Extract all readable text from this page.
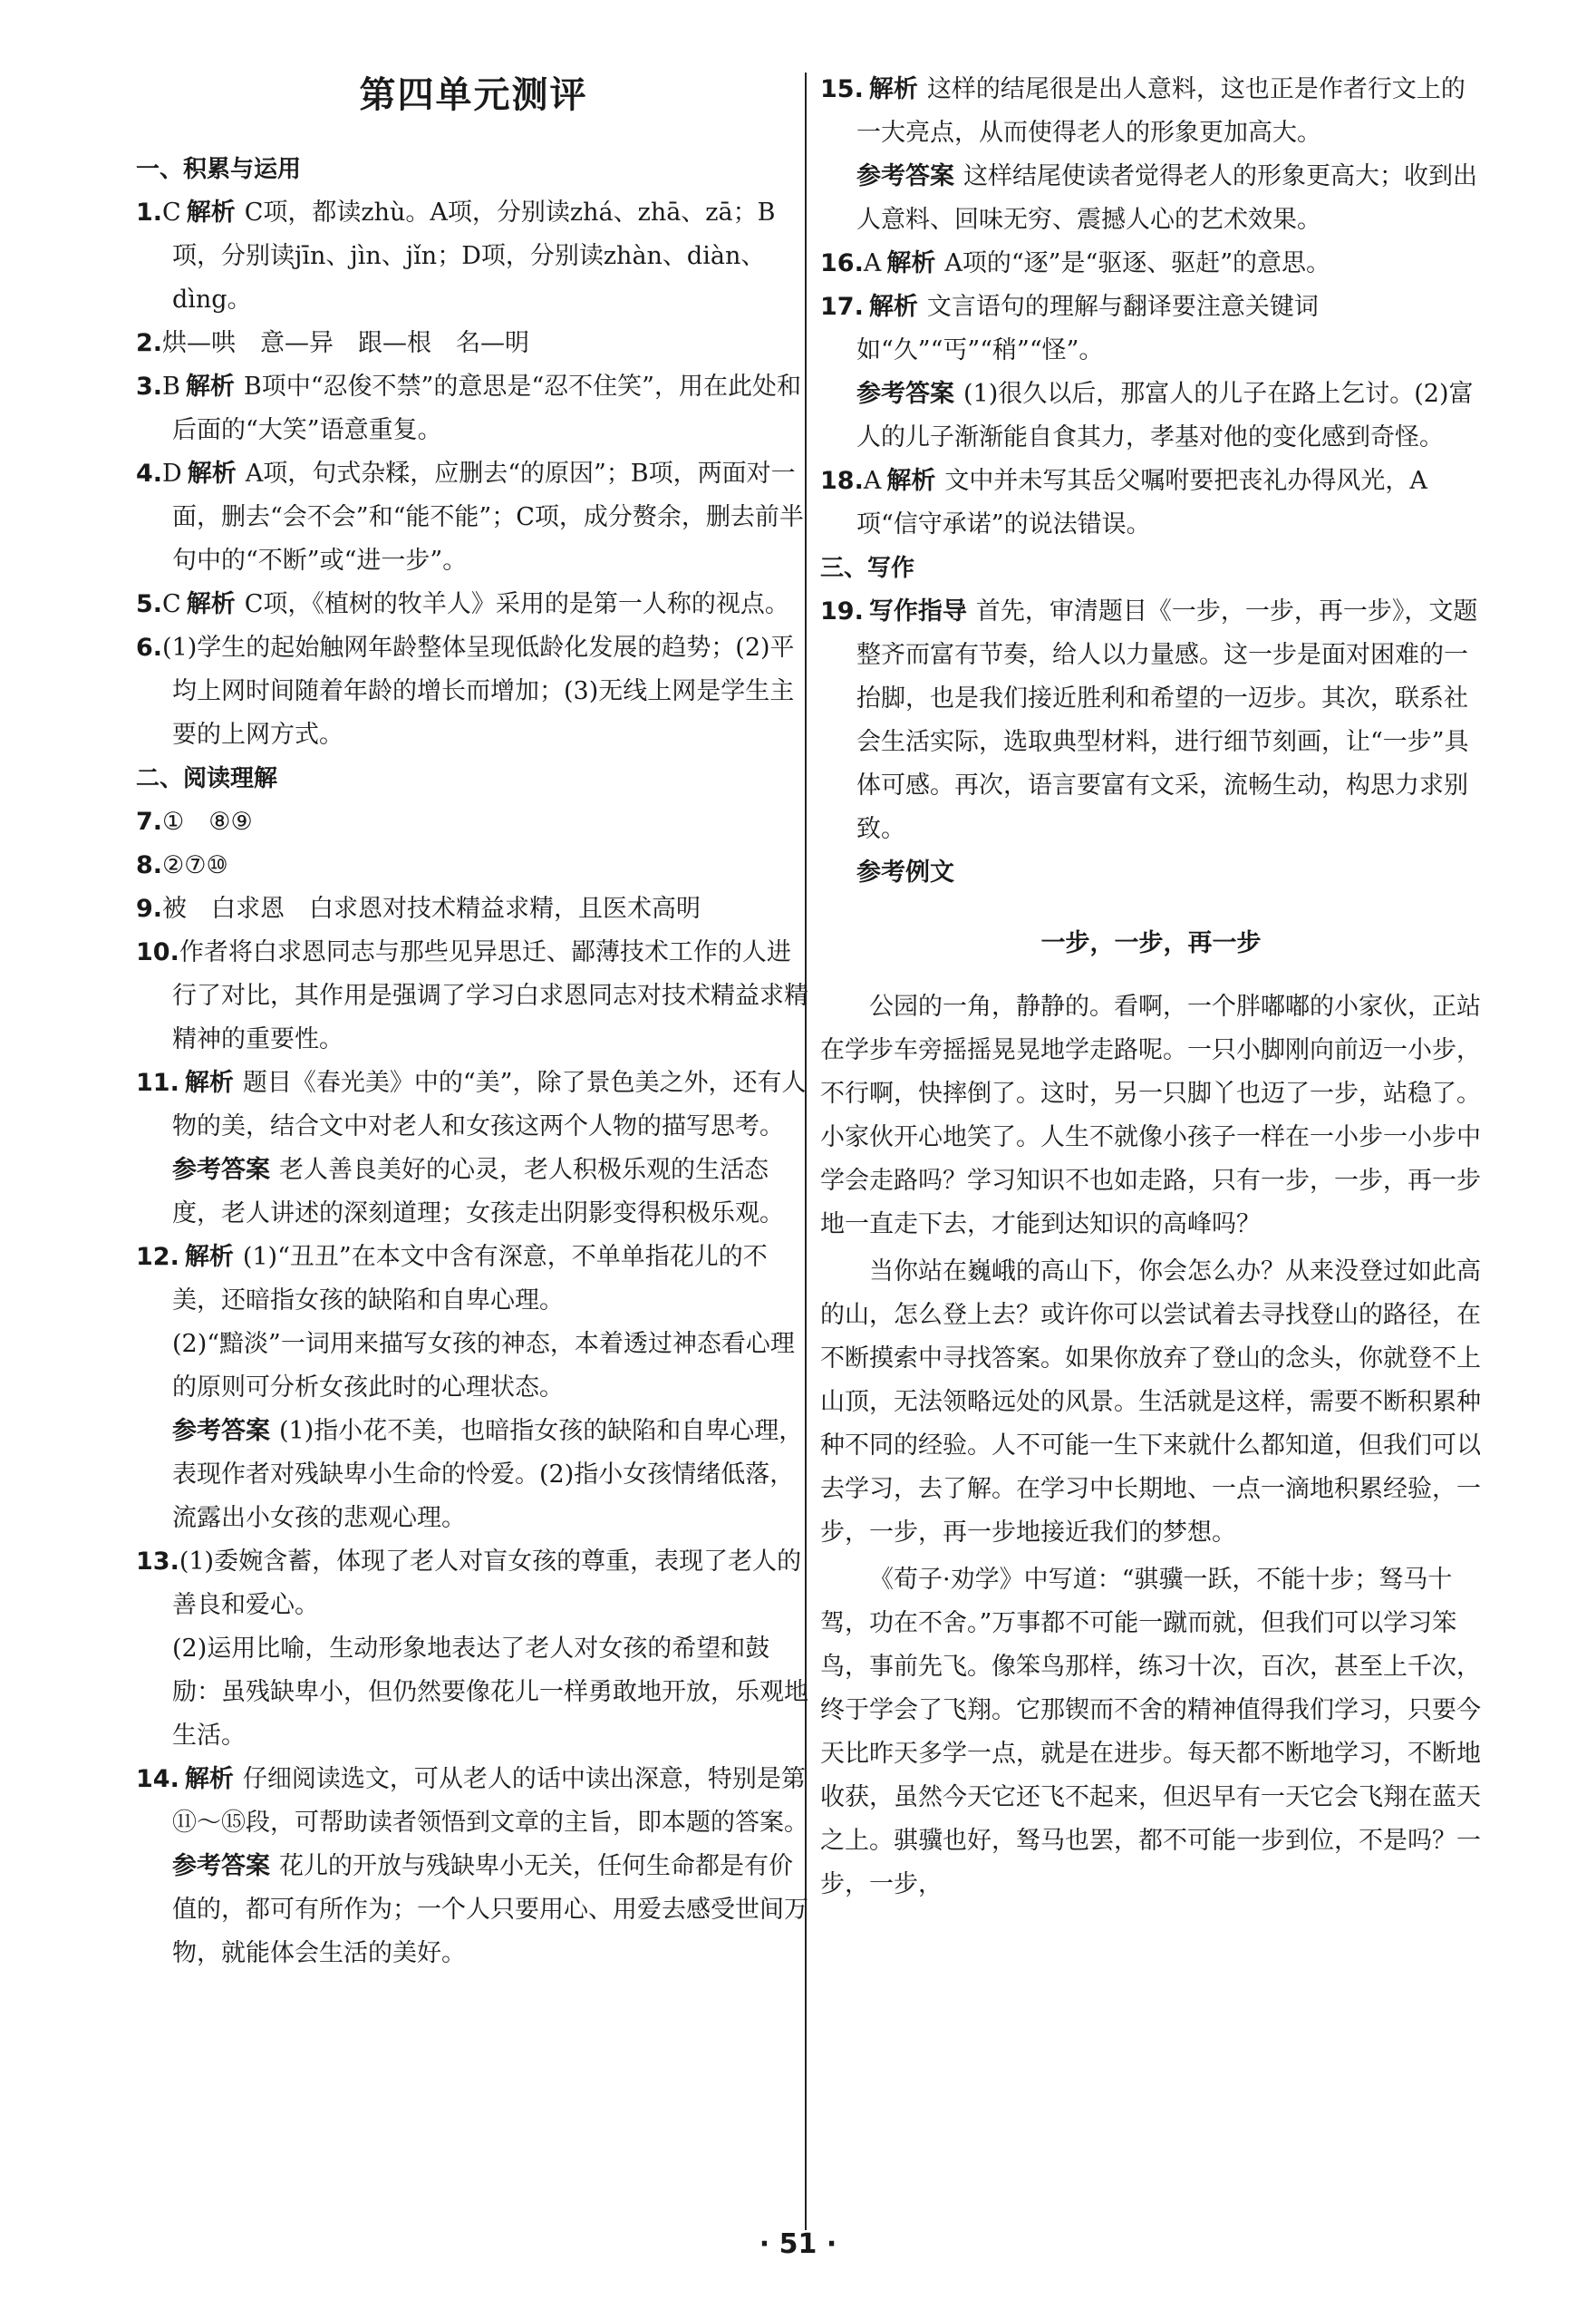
第四单元测评

一、积累与运用

1.C 解析 C项，都读zhù。A项，分别读zhá、zhā、zā；B项，分别读jīn、jìn、jǐn；D项，分别读zhàn、diàn、dìng。

2.烘—哄　意—异　跟—根　名—明

3.B 解析 B项中“忍俊不禁”的意思是“忍不住笑”，用在此处和后面的“大笑”语意重复。

4.D 解析 A项，句式杂糅，应删去“的原因”；B项，两面对一面，删去“会不会”和“能不能”；C项，成分赘余，删去前半句中的“不断”或“进一步”。

5.C 解析 C项，《植树的牧羊人》采用的是第一人称的视点。

6.(1)学生的起始触网年龄整体呈现低龄化发展的趋势；(2)平均上网时间随着年龄的增长而增加；(3)无线上网是学生主要的上网方式。

二、阅读理解

7.①　⑧⑨

8.②⑦⑩

9.被　白求恩　白求恩对技术精益求精，且医术高明

10.作者将白求恩同志与那些见异思迁、鄙薄技术工作的人进行了对比，其作用是强调了学习白求恩同志对技术精益求精精神的重要性。

11. 解析 题目《春光美》中的“美”，除了景色美之外，还有人物的美，结合文中对老人和女孩这两个人物的描写思考。

参考答案 老人善良美好的心灵，老人积极乐观的生活态度，老人讲述的深刻道理；女孩走出阴影变得积极乐观。

12. 解析 (1)“丑丑”在本文中含有深意，不单单指花儿的不美，还暗指女孩的缺陷和自卑心理。

(2)“黯淡”一词用来描写女孩的神态，本着透过神态看心理的原则可分析女孩此时的心理状态。

参考答案 (1)指小花不美，也暗指女孩的缺陷和自卑心理，表现作者对残缺卑小生命的怜爱。(2)指小女孩情绪低落，流露出小女孩的悲观心理。

13.(1)委婉含蓄，体现了老人对盲女孩的尊重，表现了老人的善良和爱心。

(2)运用比喻，生动形象地表达了老人对女孩的希望和鼓励：虽残缺卑小，但仍然要像花儿一样勇敢地开放，乐观地生活。

14. 解析 仔细阅读选文，可从老人的话中读出深意，特别是第⑪～⑮段，可帮助读者领悟到文章的主旨，即本题的答案。

参考答案 花儿的开放与残缺卑小无关，任何生命都是有价值的，都可有所作为；一个人只要用心、用爱去感受世间万物，就能体会生活的美好。

15. 解析 这样的结尾很是出人意料，这也正是作者行文上的一大亮点，从而使得老人的形象更加高大。

参考答案 这样结尾使读者觉得老人的形象更高大；收到出人意料、回味无穷、震撼人心的艺术效果。

16.A 解析 A项的“逐”是“驱逐、驱赶”的意思。

17. 解析 文言语句的理解与翻译要注意关键词如“久”“丐”“稍”“怪”。

参考答案 (1)很久以后，那富人的儿子在路上乞讨。(2)富人的儿子渐渐能自食其力，孝基对他的变化感到奇怪。

18.A 解析 文中并未写其岳父嘱咐要把丧礼办得风光，A项“信守承诺”的说法错误。

三、写作

19. 写作指导 首先，审清题目《一步，一步，再一步》，文题整齐而富有节奏，给人以力量感。这一步是面对困难的一抬脚，也是我们接近胜利和希望的一迈步。其次，联系社会生活实际，选取典型材料，进行细节刻画，让“一步”具体可感。再次，语言要富有文采，流畅生动，构思力求别致。

参考例文

一步，一步，再一步

公园的一角，静静的。看啊，一个胖嘟嘟的小家伙，正站在学步车旁摇摇晃晃地学走路呢。一只小脚刚向前迈一小步，不行啊，快摔倒了。这时，另一只脚丫也迈了一步，站稳了。小家伙开心地笑了。人生不就像小孩子一样在一小步一小步中学会走路吗？学习知识不也如走路，只有一步，一步，再一步地一直走下去，才能到达知识的高峰吗？

当你站在巍峨的高山下，你会怎么办？从来没登过如此高的山，怎么登上去？或许你可以尝试着去寻找登山的路径，在不断摸索中寻找答案。如果你放弃了登山的念头，你就登不上山顶，无法领略远处的风景。生活就是这样，需要不断积累种种不同的经验。人不可能一生下来就什么都知道，但我们可以去学习，去了解。在学习中长期地、一点一滴地积累经验，一步，一步，再一步地接近我们的梦想。

《荀子·劝学》中写道：“骐骥一跃，不能十步；驽马十驾，功在不舍。”万事都不可能一蹴而就，但我们可以学习笨鸟，事前先飞。像笨鸟那样，练习十次，百次，甚至上千次，终于学会了飞翔。它那锲而不舍的精神值得我们学习，只要今天比昨天多学一点，就是在进步。每天都不断地学习，不断地收获，虽然今天它还飞不起来，但迟早有一天它会飞翔在蓝天之上。骐骥也好，驽马也罢，都不可能一步到位，不是吗？一步，一步，

· 51 ·
